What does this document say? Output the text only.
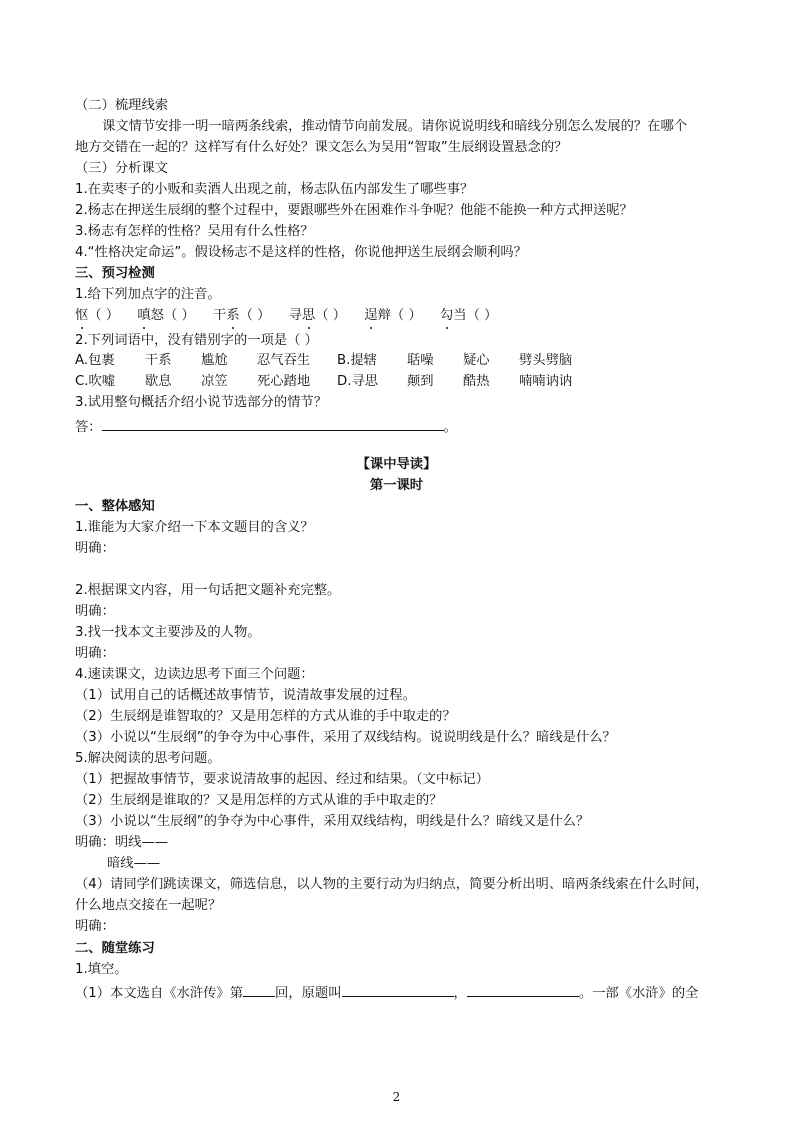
（二）梳理线索
课文情节安排一明一暗两条线索，推动情节向前发展。请你说说明线和暗线分别怎么发展的？在哪个
地方交错在一起的？这样写有什么好处？课文怎么为吴用“智取”生辰纲设置悬念的？
（三）分析课文
1.在卖枣子的小贩和卖酒人出现之前，杨志队伍内部发生了哪些事？
2.杨志在押送生辰纲的整个过程中，要跟哪些外在困难作斗争呢？他能不能换一种方式押送呢？
3.杨志有怎样的性格？吴用有什么性格？
4.“性格决定命运”。假设杨志不是这样的性格，你说他押送生辰纲会顺利吗？
三、预习检测
1.给下列加点字的注音。
怄（ ） 嗔怒（ ） 干系（ ） 寻思（ ） 逞辩（ ） 勾当（ ）
2.下列词语中，没有错别字的一项是（ ）
A.包裹 干系 尴尬 忍气吞生 B.提辖 聒噪 疑心 劈头劈脑
C.吹嘘 歇息 凉笠 死心踏地 D.寻思 颠到 酷热 喃喃讷讷
3.试用整句概括介绍小说节选部分的情节？
答：	。
【课中导读】
第一课时
一、整体感知
1.谁能为大家介绍一下本文题目的含义？
明确：
2.根据课文内容，用一句话把文题补充完整。
明确：
3.找一找本文主要涉及的人物。
明确：
4.速读课文，边读边思考下面三个问题：
（1）试用自己的话概述故事情节，说清故事发展的过程。
（2）生辰纲是谁智取的？又是用怎样的方式从谁的手中取走的？
（3）小说以“生辰纲”的争夺为中心事件，采用了双线结构。说说明线是什么？暗线是什么？
5.解决阅读的思考问题。
（1）把握故事情节，要求说清故事的起因、经过和结果。（文中标记）
（2）生辰纲是谁取的？又是用怎样的方式从谁的手中取走的？
（3）小说以“生辰纲”的争夺为中心事件，采用双线结构，明线是什么？暗线又是什么？
明确：明线——
暗线——
（4）请同学们跳读课文，筛选信息，以人物的主要行动为归纳点，简要分析出明、暗两条线索在什么时间，
什么地点交接在一起呢？
明确：
二、随堂练习
1.填空。
（1）本文选自《水浒传》第 回，原题叫	，	。一部《水浒》的全
2
